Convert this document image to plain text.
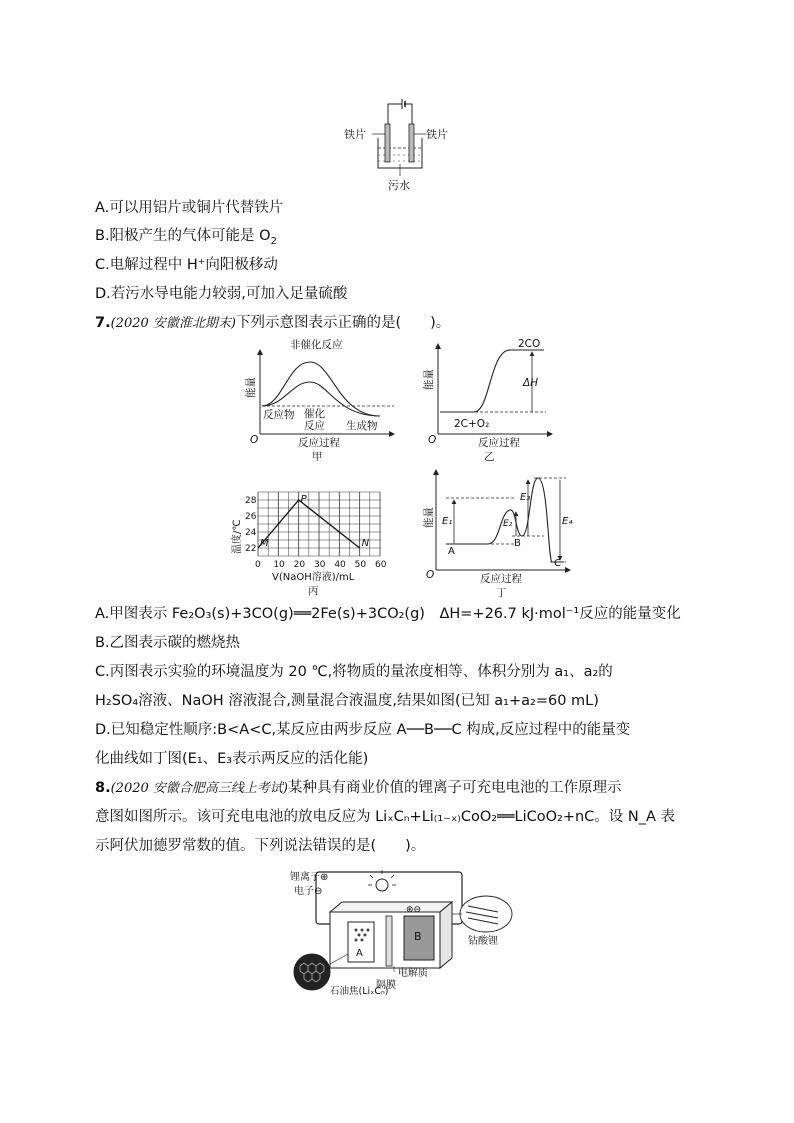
铁片	铁片
污水
A.可以用铝片或铜片代替铁片
B.阳极产生的气体可能是 $O_2$
C.电解过程中 H⁺向阳极移动
D.若污水导电能力较弱,可加入足量硫酸
7.(2020 安徽淮北期末)下列示意图表示正确的是(　　)。
非催化反应
能量
反应物 催化
反应 生成物
O	反应过程
甲
2CO
能量	ΔH
2C+O₂
O	反应过程
乙
0 10 20 30 40 50 60
22
24
26
28	P
M	N
温度/℃
V(NaOH溶液)/mL
丙
能量 E₁	E₂
E₃
E₄
A
B
C
O	反应过程
丁
A.甲图表示 Fe₂O₃(s)+3CO(g)══2Fe(s)+3CO₂(g)　ΔH=+26.7 kJ·mol⁻¹反应的能量变化
B.乙图表示碳的燃烧热
C.丙图表示实验的环境温度为 20 ℃,将物质的量浓度相等、体积分别为 a₁、a₂的
H₂SO₄溶液、NaOH 溶液混合,测量混合液温度,结果如图(已知 a₁+a₂=60 mL)
D.已知稳定性顺序:B<A<C,某反应由两步反应 A──B──C 构成,反应过程中的能量变
化曲线如丁图(E₁、E₃表示两反应的活化能)
8.(2020 安徽合肥高三线上考试)某种具有商业价值的锂离子可充电电池的工作原理示
意图如图所示。该可充电电池的放电反应为 LiₓCₙ+Li₍₁₋ₓ₎CoO₂══LiCoO₂+nC。设 N_A 表
示阿伏加德罗常数的值。下列说法错误的是(　　)。
锂离子⊕
电子⊖
A
B
⊕⊖
钴酸锂
电解质
隔膜
石油焦(LiₓCₙ)
